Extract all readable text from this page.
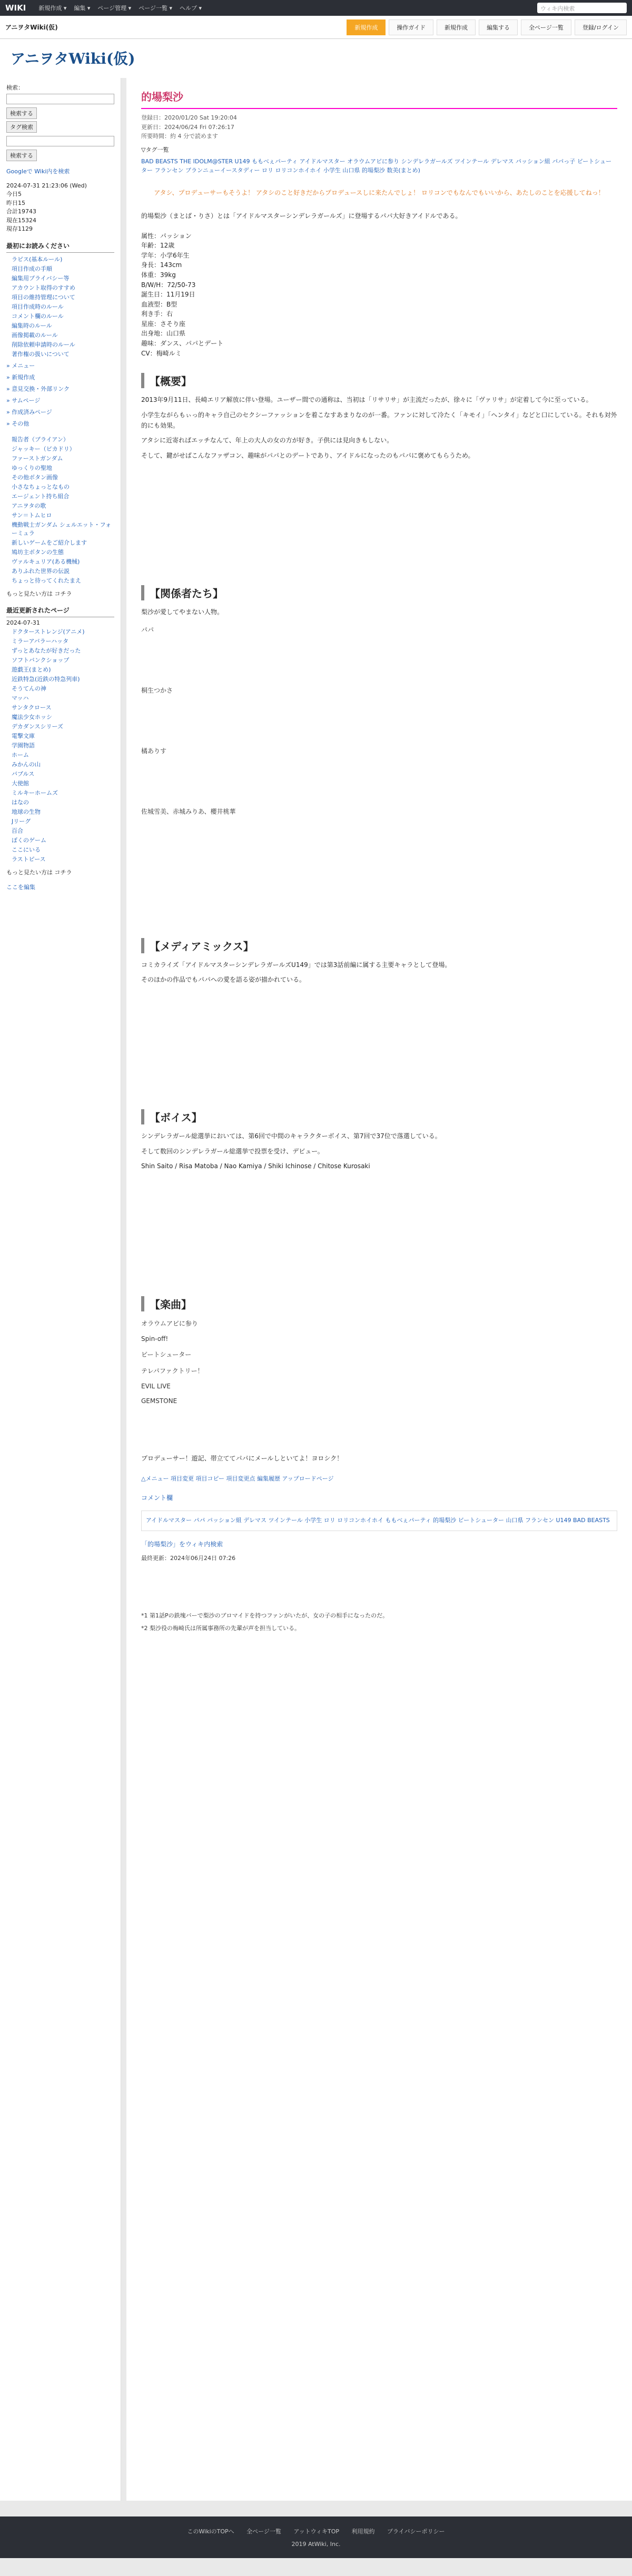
WIKI 新規作成 ▾ 編集 ▾ ページ管理 ▾ ページ一覧 ▾ ヘルプ ▾	ウィキ内検索
アニヲタWiki(仮)	新規作成	操作ガイド	新規作成	編集する	全ページ一覧	登録/ログイン
アニヲタWiki(仮)
検索：
検索する
タグ検索  検索する
Googleで Wiki内を検索
2024-07-31 21:23:06 (Wed)
今日5
昨日15
合計19743
現在15324
現存1129
最初にお読みください
ラピス(基本ルール)
項目作成の手順
編集用プライバシー等
アカウント取得のすすめ
項目の維持管理について
項目作成時のルール
コメント欄のルール
編集時のルール
画像掲載のルール
削除依頼申請時のルール
著作権の扱いについて
» メニュー
» 新規作成
» 意見交換・外部リンク
» サムページ
» 作成済みページ
» その他
報告者（ブライアン）
ジャッキー（ビカドリ）
ファーストガンダム
ゆっくりの聖地
その他ボタン画像
小さなちょっとなもの
エージェント持ち組合
アニヲタの歌
サン＝トムヒロ
機動戦士ガンダム シェルエット・フォーミュラ
新しいゲームをご紹介します
鳩坊主ボタンの生態
ヴァルキュリア(ある機械)
ありふれた世界の伝説
ちょっと待ってくれたまえ
もっと見たい方は コチラ
最近更新されたページ
2024-07-31
ドクターストレンジ(アニメ)
ミラーアバラーハッタ
ずっとあなたが好きだった
ソフトバンクショップ
遊戯王(まとめ)
近鉄特急(近鉄の特急列車)
そうてんの神
マッハ
サンタクロース
魔法少女ホッシ
デカダンスシリーズ
電撃文庫
学園物語
ホーム
みかんの山
バブルス
大使館
ミルキーホームズ
はなの
地球の生物
Jリーグ
百合
ぼくのゲーム
ここにいる
ラストピース
もっと見たい方は コチラ
ここを編集
的場梨沙
登録日：2020/01/20 Sat 19:20:04
更新日：2024/06/24 Fri 07:26:17
所要時間：約 4 分で読めます
▽タグ一覧
BAD BEASTS THE IDOLM@STER U149 ももべぇパーティ アイドルマスター オラウムアビに参り シンデレラガールズ ツインテール デレマス パッション組 パパっ子 ビートシューター フランセン ブランニューイースタディー ロリ ロリコンホイホイ 小学生 山口県 的場梨沙 数美(まとめ)
アタシ、プロデューサーもそうよ！ アタシのこと好きだからプロデュースしに来たんでしょ！ ロリコンでもなんでもいいから、あたしのことを応援してねっ！

的場梨沙（まとば・りさ）とは「アイドルマスターシンデレラガールズ」に登場するパパ大好きアイドルである。

属性：パッション
年齢：12歳
学年：小学6年生
身長：143cm
体重：39kg
B/W/H：72/50-73
誕生日：11月19日
血液型：B型
利き手：右
星座：さそり座
出身地：山口県
趣味：ダンス、パパとデート
CV：梅崎ルミ
【概要】

2013年9月11日、長崎エリア解放に伴い登場。ユーザー間での通称は、当初は「リサリサ」が主流だったが、徐々に「ヴァリサ」が定着して今に至っている。

小学生ながらもぃっ的キャラ自己のセクシーファッションを着こなすあまりなのが一番。ファンに対して冷たく「キモイ」「ヘンタイ」などと口にしている。それも対外的にも効果。

アタシに近寄ればエッチなんて、年上の大人の女の方が好き。子供には見向きもしない。

そして、鍵がせばこんなファザコン、趣味がパパとのデートであり、アイドルになったのもパパに褒めてもらうため。

【関係者たち】

梨沙が愛してやまない人物。

パパ
桐生つかさ
橘ありす
佐城雪美、赤城みりあ、櫻井桃華
【メディアミックス】

コミカライズ「アイドルマスターシンデレラガールズU149」では第3話前編に属する主要キャラとして登場。

そのほかの作品でもパパへの愛を語る姿が描かれている。

【ボイス】

シンデレラガール総選挙においては、第6回で中間のキャラクターボイス、第7回で37位で落選している。

そして数回のシンデレラガール総選挙で投票を受け、デビュー。

Shin Saito / Risa Matoba / Nao Kamiya / Shiki Ichinose / Chitose Kurosaki

【楽曲】
オラウムアビに参り
Spin-off!
ビートシューター
テレパファクトリー！
EVIL LIVE
GEMSTONE

プロデューサー！遊記、帯立ててパパにメールしといてよ！ヨロシク！

△メニュー 項目変更 項目コピー 項目変更点 編集履歴 アップロードページ
コメント欄
アイドルマスター パパ パッション組 デレマス ツインテール 小学生 ロリ ロリコンホイホイ ももべぇパーティ 的場梨沙 ビートシューター 山口県 フランセン U149 BAD BEASTS
「的場梨沙」をウィキ内検索
最終更新：2024年06月24日 07:26
*1 第1話Pの鉄塊バーで梨沙のブロマイドを持つファンがいたが、女の子の相手になったのだ。
*2 梨沙役の梅崎氏は所属事務所の先輩が声を担当している。
このWikiのTOPへ 全ページ一覧 アットウィキTOP 利用規約 プライバシーポリシー
2019 AtWiki, Inc.
